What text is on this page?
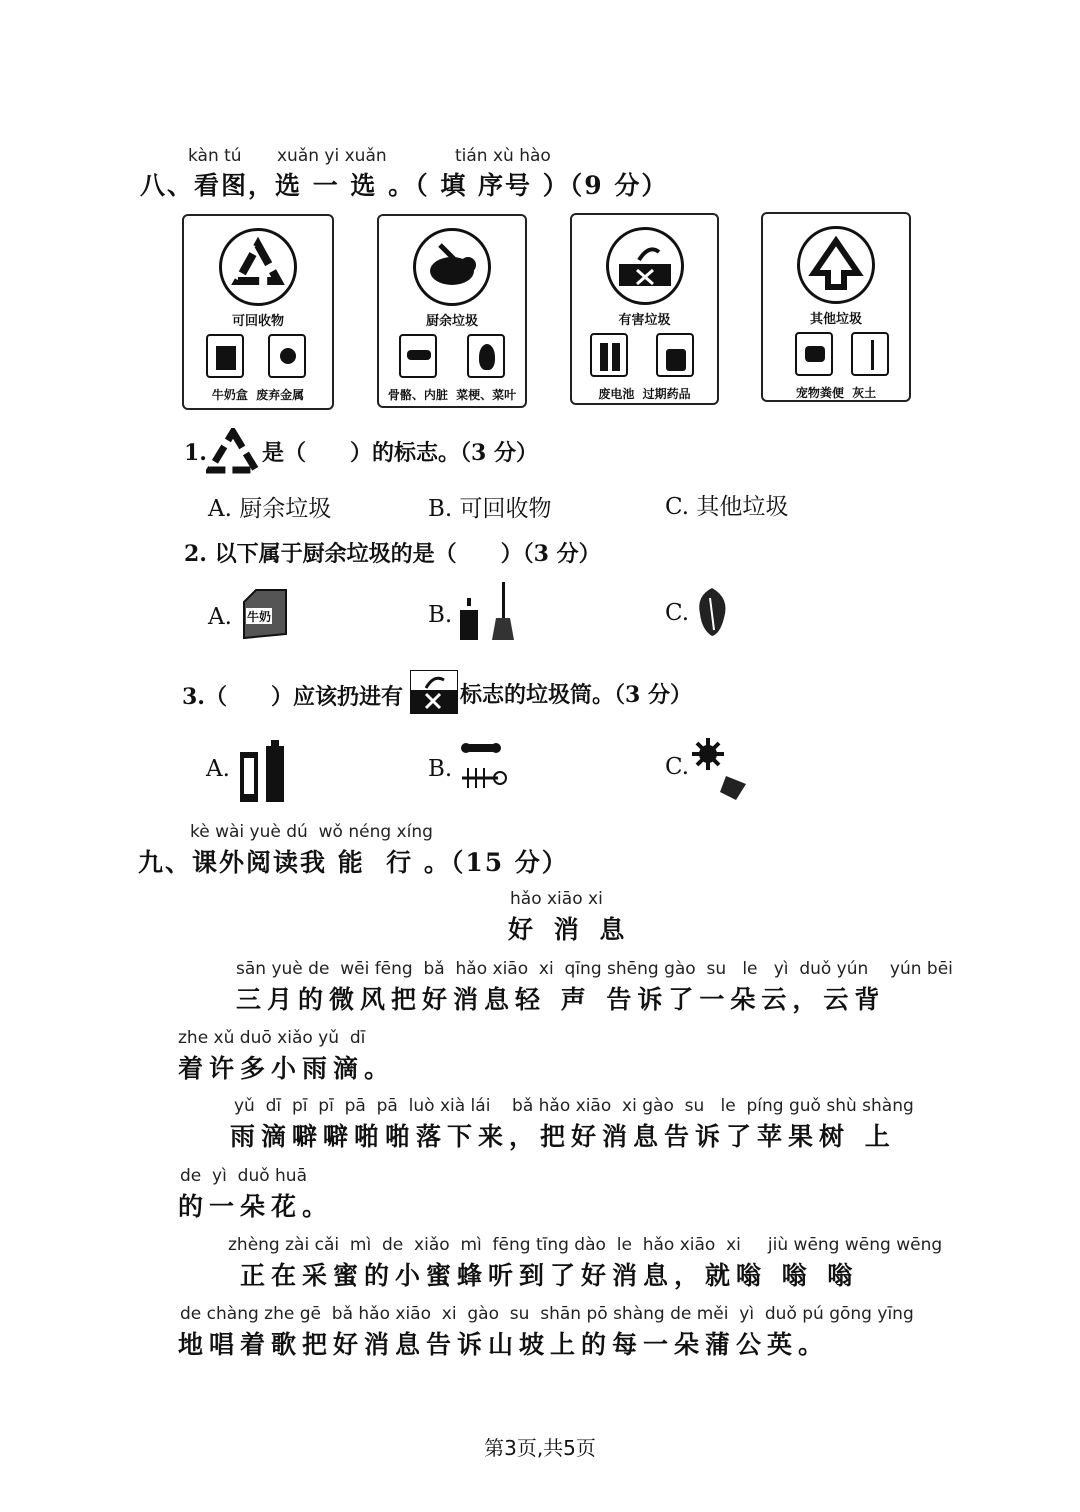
kàn tú xuǎn yi xuǎn	tián xù hào
八、看图，选 一 选 。（ 填 序号 ）（9 分）
可回收物
牛奶盒  废弃金属
厨余垃圾
骨骼、内脏  菜梗、菜叶
有害垃圾
废电池  过期药品
其他垃圾
宠物粪便  灰土
1.	是（　　）的标志。（3 分）
A. 厨余垃圾	B. 可回收物	C. 其他垃圾
2. 以下属于厨余垃圾的是（　　）（3 分）
A. 牛奶	B.	C.
3.（　　）应该扔进有	标志的垃圾筒。（3 分）
A.	B.	C.
kè wài yuè dú  wǒ néng xíng
九、课外阅读我 能  行 。（15 分）
hǎo xiāo xi
好 消 息
sān yuè de  wēi fēng  bǎ  hǎo xiāo  xi  qīng shēng gào  su   le   yì  duǒ yún    yún bēi
三月的微风把好消息轻 声 告诉了一朵云，云背
zhe xǔ duō xiǎo yǔ  dī
着许多小雨滴。
yǔ  dī  pī  pī  pā  pā  luò xià lái    bǎ hǎo xiāo  xi gào  su   le  píng guǒ shù shàng
雨滴噼噼啪啪落下来，把好消息告诉了苹果树 上
de  yì  duǒ huā
的一朵花。
zhèng zài cǎi  mì  de  xiǎo  mì  fēng tīng dào  le  hǎo xiāo  xi     jiù wēng wēng wēng
正在采蜜的小蜜蜂听到了好消息，就嗡 嗡 嗡
de chàng zhe gē  bǎ hǎo xiāo  xi  gào  su  shān pō shàng de měi  yì  duǒ pú gōng yīng
地唱着歌把好消息告诉山坡上的每一朵蒲公英。
第3页,共5页
